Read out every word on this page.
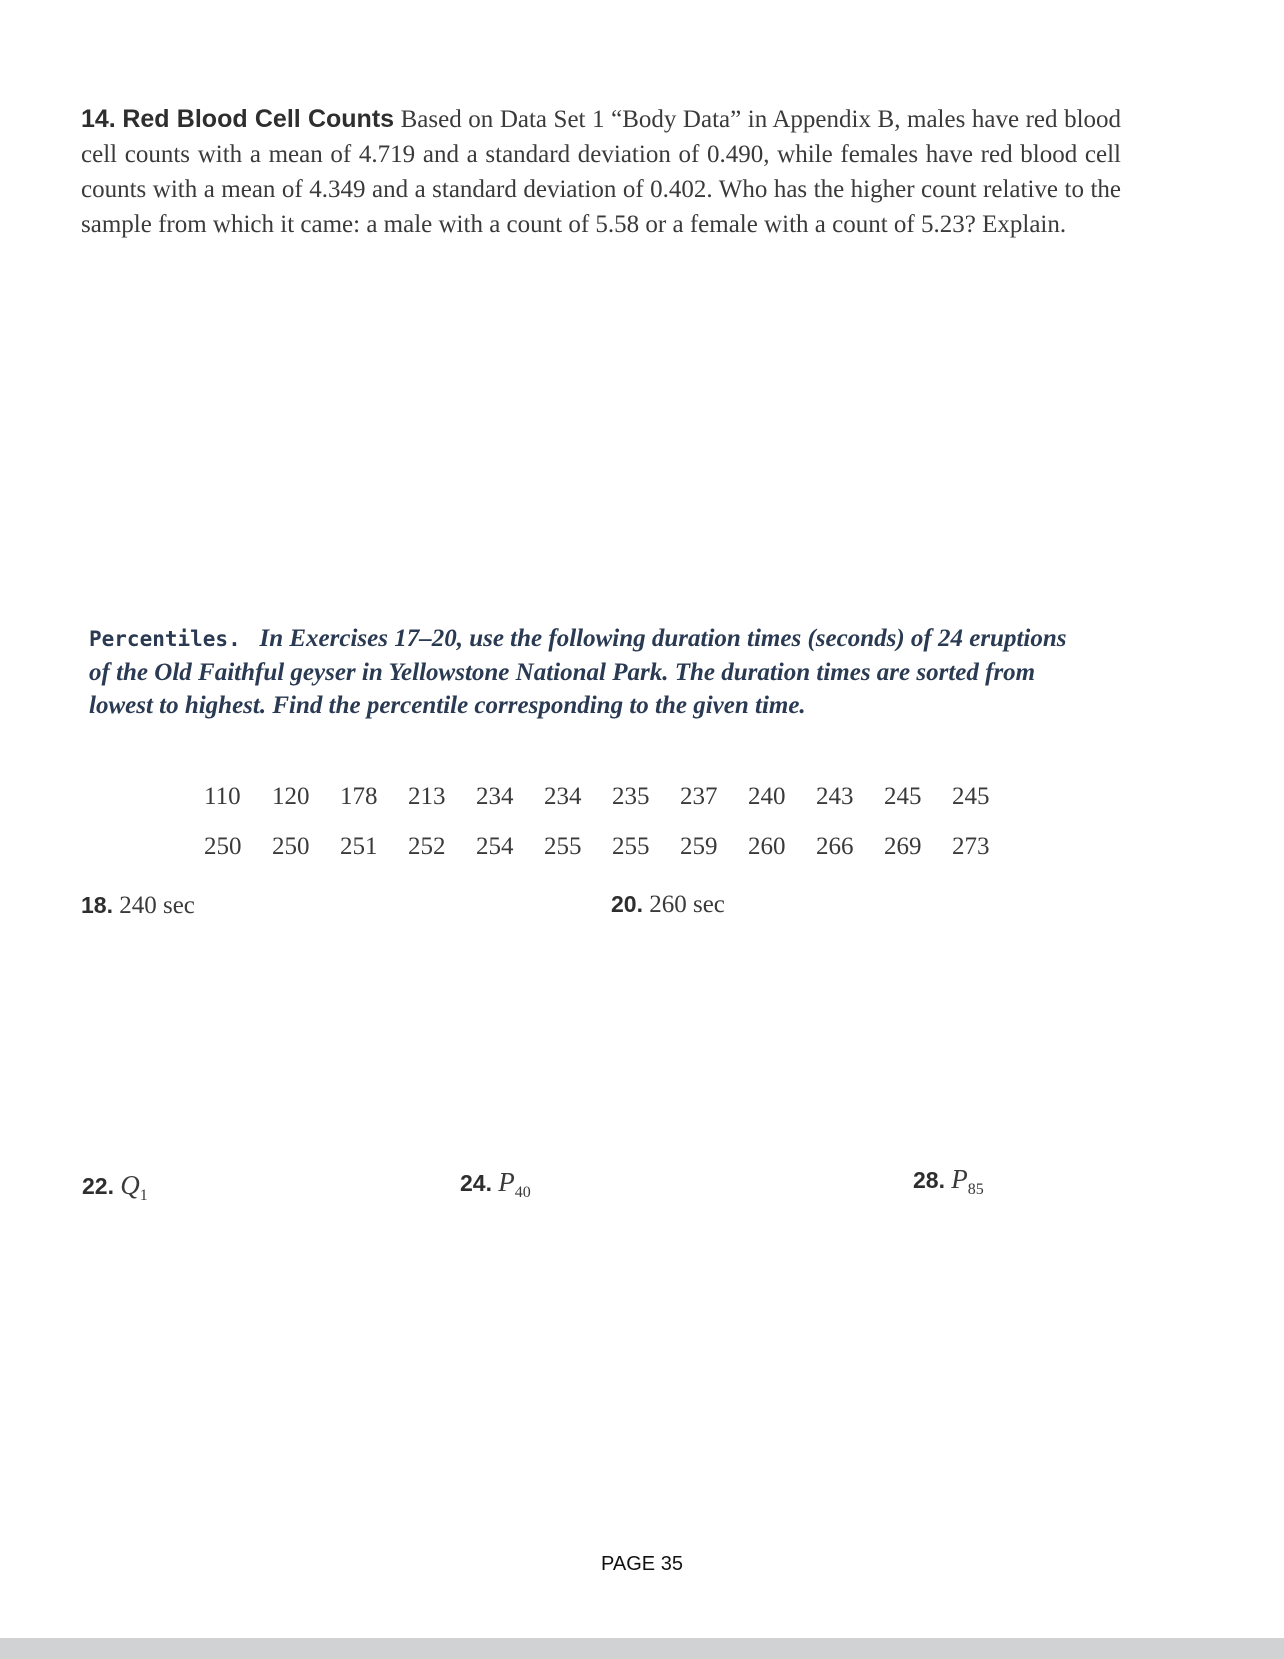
14. Red Blood Cell Counts Based on Data Set 1 “Body Data” in Appendix B, males have red blood cell counts with a mean of 4.719 and a standard deviation of 0.490, while females have red blood cell counts with a mean of 4.349 and a standard deviation of 0.402. Who has the higher count relative to the sample from which it came: a male with a count of 5.58 or a female with a count of 5.23? Explain.

Percentiles. In Exercises 17–20, use the following duration times (seconds) of 24 eruptions of the Old Faithful geyser in Yellowstone National Park. The duration times are sorted from lowest to highest. Find the percentile corresponding to the given time.

110	120	178	213	234	234	235	237	240	243	245	245
250	250	251	252	254	255	255	259	260	266	269	273
18. 240 sec	20. 260 sec
22. $Q_1$	24. $P_{40}$	28. $P_{85}$
PAGE 35
